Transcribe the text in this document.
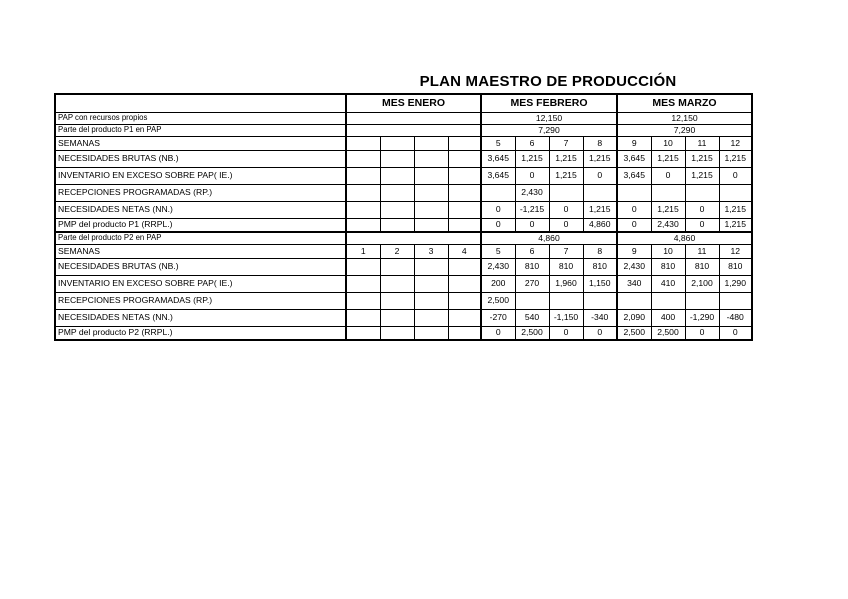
PLAN MAESTRO DE PRODUCCIÓN
	MES ENERO				MES FEBRERO				MES MARZO			
PAP con recursos propios					12,150				12,150			
Parte del producto P1 en PAP					7,290				7,290			
SEMANAS					5	6	7	8	9	10	11	12
NECESIDADES BRUTAS (NB.)					3,645	1,215	1,215	1,215	3,645	1,215	1,215	1,215
INVENTARIO EN EXCESO SOBRE PAP( IE.)					3,645	0	1,215	0	3,645	0	1,215	0
RECEPCIONES PROGRAMADAS (RP.)						2,430						
NECESIDADES NETAS (NN.)					0	-1,215	0	1,215	0	1,215	0	1,215
PMP del producto P1 (RRPL.)					0	0	0	4,860	0	2,430	0	1,215
Parte del producto P2 en PAP					4,860				4,860			
SEMANAS	1	2	3	4	5	6	7	8	9	10	11	12
NECESIDADES BRUTAS (NB.)					2,430	810	810	810	2,430	810	810	810
INVENTARIO EN EXCESO SOBRE PAP( IE.)					200	270	1,960	1,150	340	410	2,100	1,290
RECEPCIONES PROGRAMADAS (RP.)					2,500							
NECESIDADES NETAS (NN.)					-270	540	-1,150	-340	2,090	400	-1,290	-480
PMP del producto P2 (RRPL.)					0	2,500	0	0	2,500	2,500	0	0
